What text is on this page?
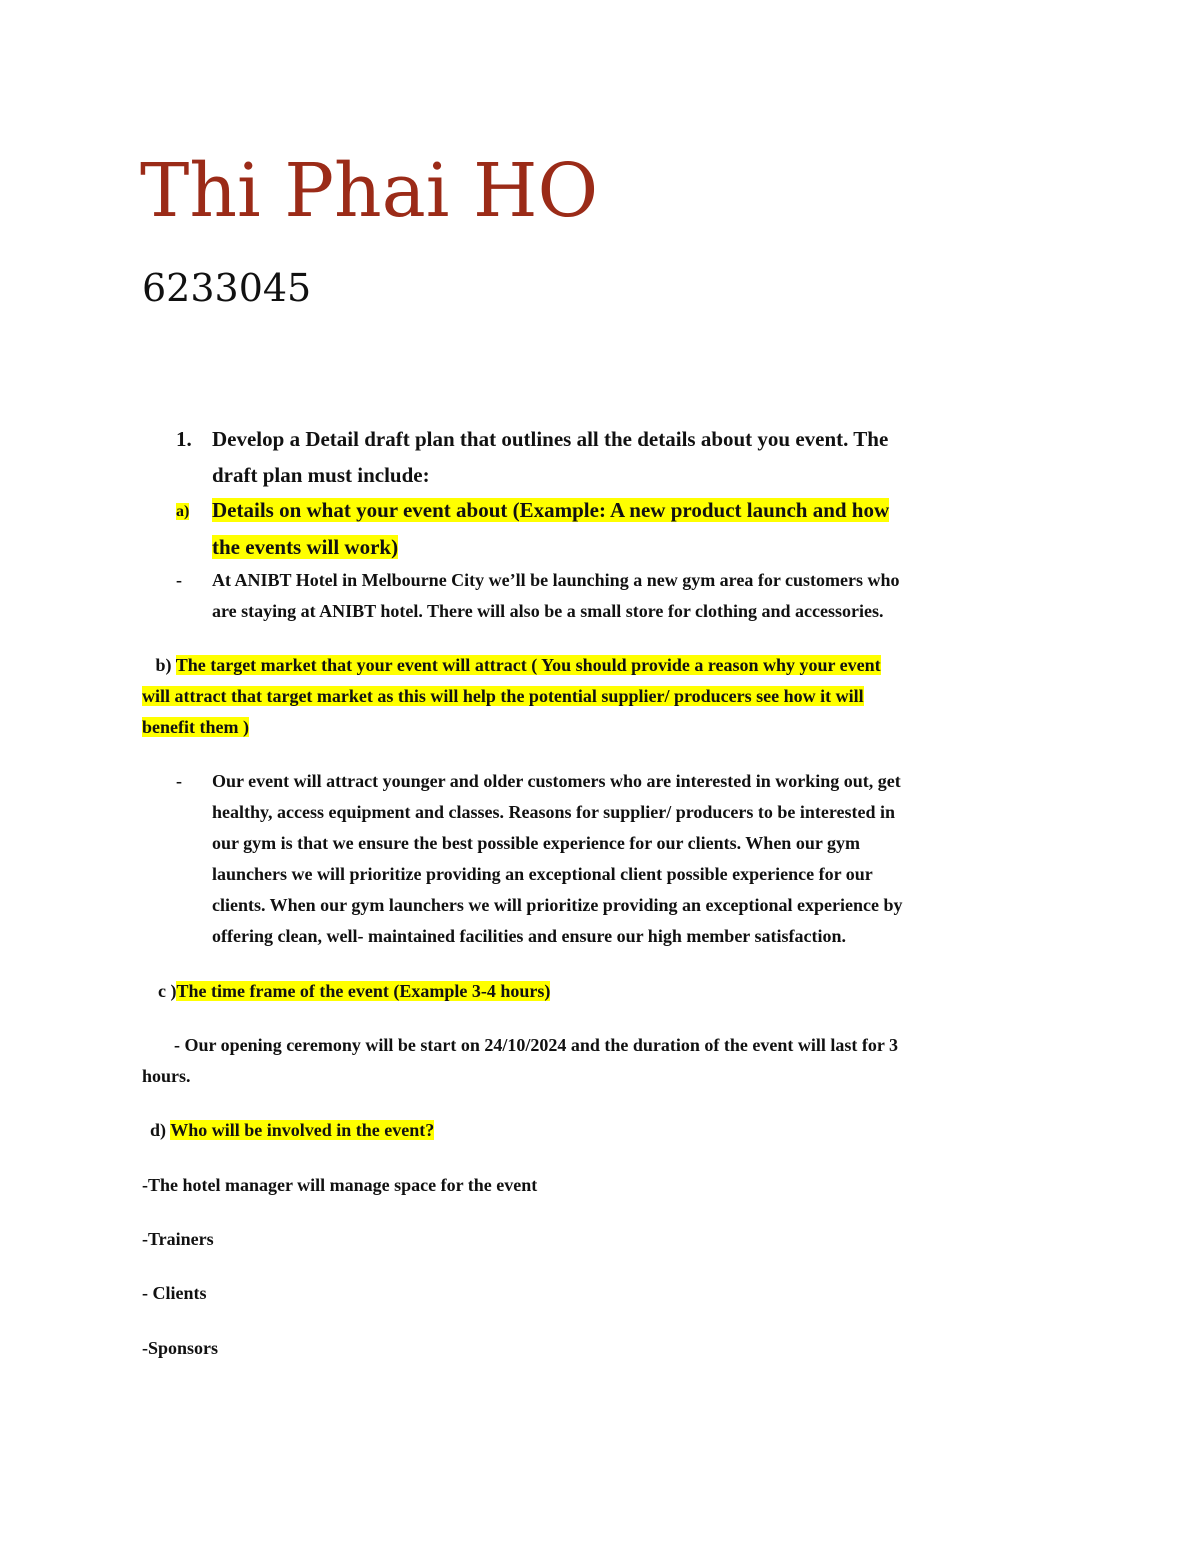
Thi Phai HO
6233045
1. Develop a Detail draft plan that outlines all the details about you event. The
draft plan must include:
a) Details on what your event about (Example: A new product launch and how
the events will work)
- At ANIBT Hotel in Melbourne City we’ll be launching a new gym area for customers who
are staying at ANIBT hotel. There will also be a small store for clothing and accessories.
b) The target market that your event will attract ( You should provide a reason why your event
will attract that target market as this will help the potential supplier/ producers see how it will
benefit them )
- Our event will attract younger and older customers who are interested in working out, get
healthy, access equipment and classes. Reasons for supplier/ producers to be interested in
our gym is that we ensure the best possible experience for our clients. When our gym
launchers we will prioritize providing an exceptional client possible experience for our
clients. When our gym launchers we will prioritize providing an exceptional experience by
offering clean, well- maintained facilities and ensure our high member satisfaction.
c )The time frame of the event (Example 3-4 hours)
- Our opening ceremony will be start on 24/10/2024 and the duration of the event will last for 3
hours.
d) Who will be involved in the event?
-The hotel manager will manage space for the event
-Trainers
- Clients
-Sponsors
